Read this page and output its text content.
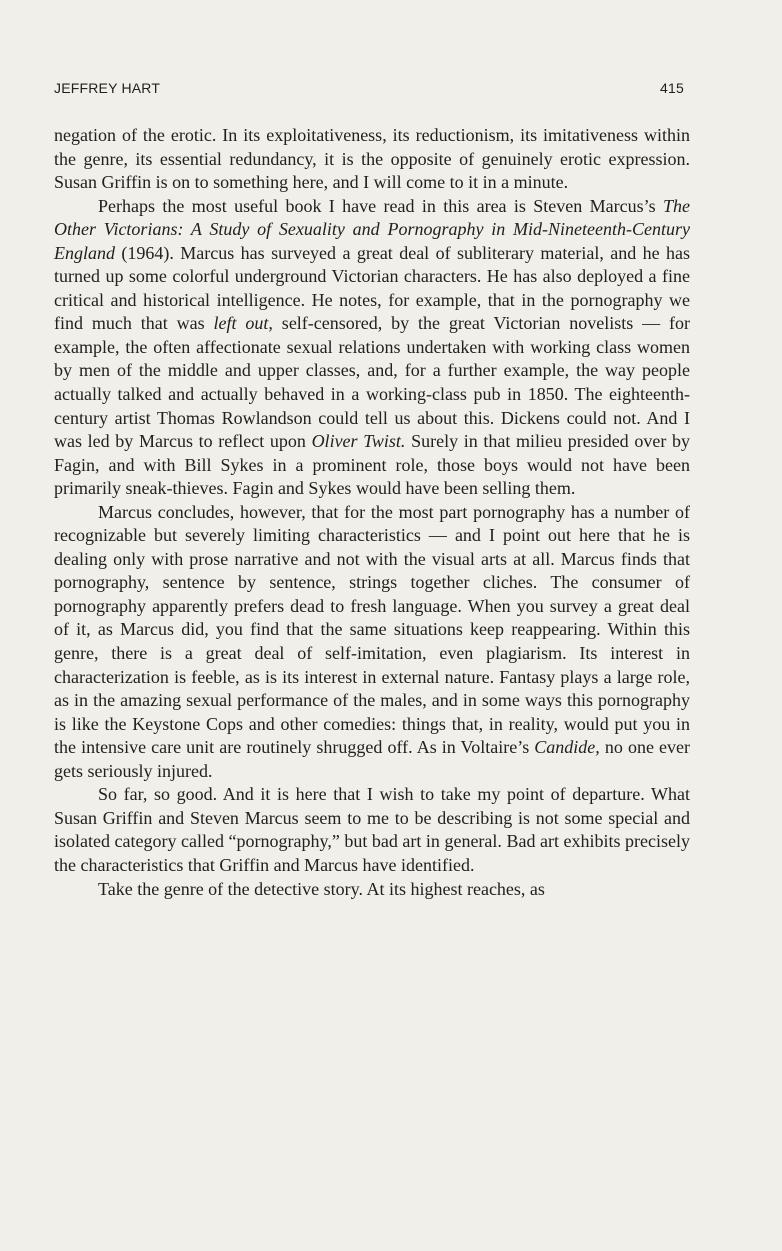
JEFFREY HART	415

negation of the erotic. In its exploitativeness, its reductionism, its imitativeness within the genre, its essential redundancy, it is the opposite of genuinely erotic expression. Susan Griffin is on to something here, and I will come to it in a minute.

Perhaps the most useful book I have read in this area is Steven Marcus’s The Other Victorians: A Study of Sexuality and Pornography in Mid-Nineteenth-Century England (1964). Marcus has surveyed a great deal of subliterary material, and he has turned up some colorful underground Victorian characters. He has also deployed a fine critical and historical intelligence. He notes, for example, that in the pornography we find much that was left out, self-censored, by the great Victorian novelists — for example, the often affectionate sexual relations undertaken with working class women by men of the middle and upper classes, and, for a further example, the way people actually talked and actually behaved in a working-class pub in 1850. The eighteenth-century artist Thomas Rowlandson could tell us about this. Dickens could not. And I was led by Marcus to reflect upon Oliver Twist. Surely in that milieu presided over by Fagin, and with Bill Sykes in a prominent role, those boys would not have been primarily sneak-thieves. Fagin and Sykes would have been selling them.

Marcus concludes, however, that for the most part pornography has a number of recognizable but severely limiting characteristics — and I point out here that he is dealing only with prose narrative and not with the visual arts at all. Marcus finds that pornography, sentence by sentence, strings together cliches. The consumer of pornography apparently prefers dead to fresh language. When you survey a great deal of it, as Marcus did, you find that the same situations keep reappearing. Within this genre, there is a great deal of self-imitation, even plagiarism. Its interest in characterization is feeble, as is its interest in external nature. Fantasy plays a large role, as in the amazing sexual performance of the males, and in some ways this pornography is like the Keystone Cops and other comedies: things that, in reality, would put you in the intensive care unit are routinely shrugged off. As in Voltaire’s Candide, no one ever gets seriously injured.

So far, so good. And it is here that I wish to take my point of departure. What Susan Griffin and Steven Marcus seem to me to be describing is not some special and isolated category called “pornography,” but bad art in general. Bad art exhibits precisely the characteristics that Griffin and Marcus have identified.

Take the genre of the detective story. At its highest reaches, as
